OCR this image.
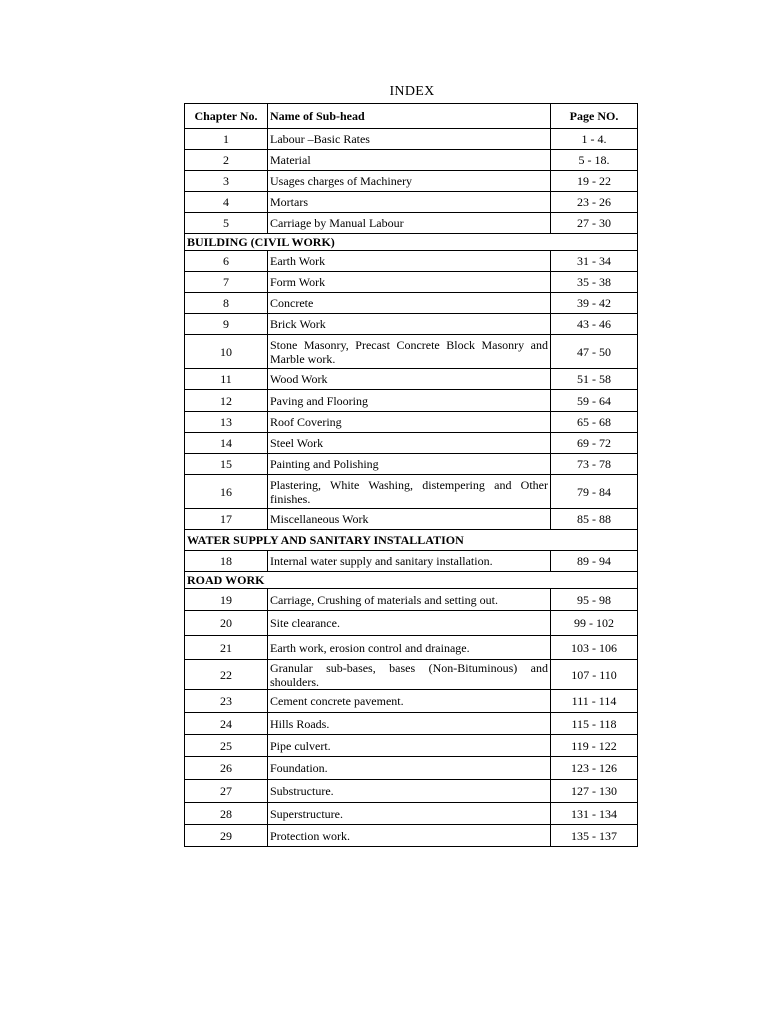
INDEX
Chapter No.	Name of Sub-head	Page NO.
1	Labour –Basic Rates	1 - 4.
2	Material	5 - 18.
3	Usages charges of Machinery	19 - 22
4	Mortars	23 - 26
5	Carriage by Manual Labour	27 - 30
BUILDING (CIVIL WORK)		
6	Earth Work	31 - 34
7	Form Work	35 - 38
8	Concrete	39 - 42
9	Brick Work	43 - 46
10	Stone Masonry, Precast Concrete Block Masonry and Marble work.	47 - 50
11	Wood Work	51 - 58
12	Paving and Flooring	59 - 64
13	Roof Covering	65 - 68
14	Steel Work	69 - 72
15	Painting and Polishing	73 - 78
16	Plastering, White Washing, distempering and Other finishes.	79 - 84
17	Miscellaneous Work	85 - 88
WATER SUPPLY AND SANITARY INSTALLATION		
18	Internal water supply and sanitary installation.	89 - 94
ROAD WORK		
19	Carriage, Crushing of materials and setting out.	95 - 98
20	Site clearance.	99 - 102
21	Earth work, erosion control and drainage.	103 - 106
22	Granular sub-bases, bases (Non-Bituminous) and shoulders.	107 - 110
23	Cement concrete pavement.	111 - 114
24	Hills Roads.	115 - 118
25	Pipe culvert.	119 - 122
26	Foundation.	123 - 126
27	Substructure.	127 - 130
28	Superstructure.	131 - 134
29	Protection work.	135 - 137
